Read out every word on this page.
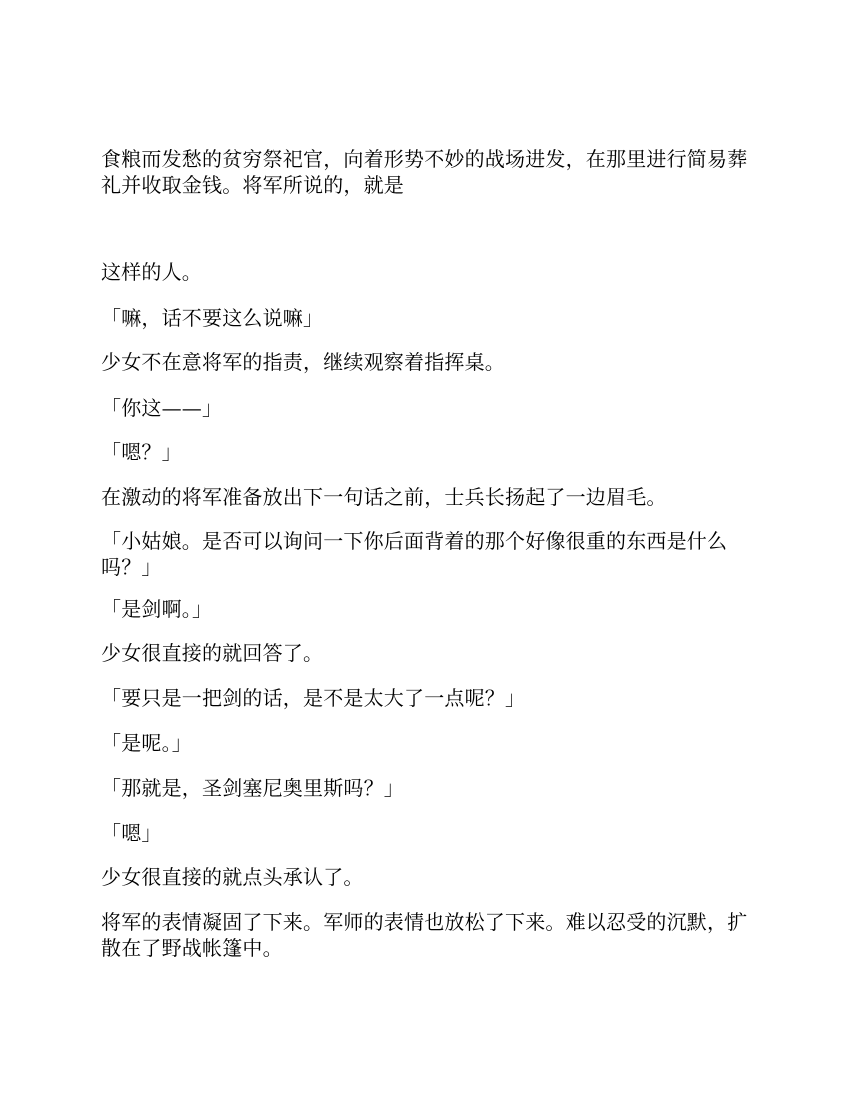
食粮而发愁的贫穷祭祀官，向着形势不妙的战场进发，在那里进行简易葬礼并收取金钱。将军所说的，就是

这样的人。

「嘛，话不要这么说嘛」

少女不在意将军的指责，继续观察着指挥桌。

「你这——」

「嗯？」

在激动的将军准备放出下一句话之前，士兵长扬起了一边眉毛。

「小姑娘。是否可以询问一下你后面背着的那个好像很重的东西是什么吗？」

「是剑啊。」

少女很直接的就回答了。

「要只是一把剑的话，是不是太大了一点呢？」

「是呢。」

「那就是，圣剑塞尼奥里斯吗？」

「嗯」

少女很直接的就点头承认了。

将军的表情凝固了下来。军师的表情也放松了下来。难以忍受的沉默，扩散在了野战帐篷中。
